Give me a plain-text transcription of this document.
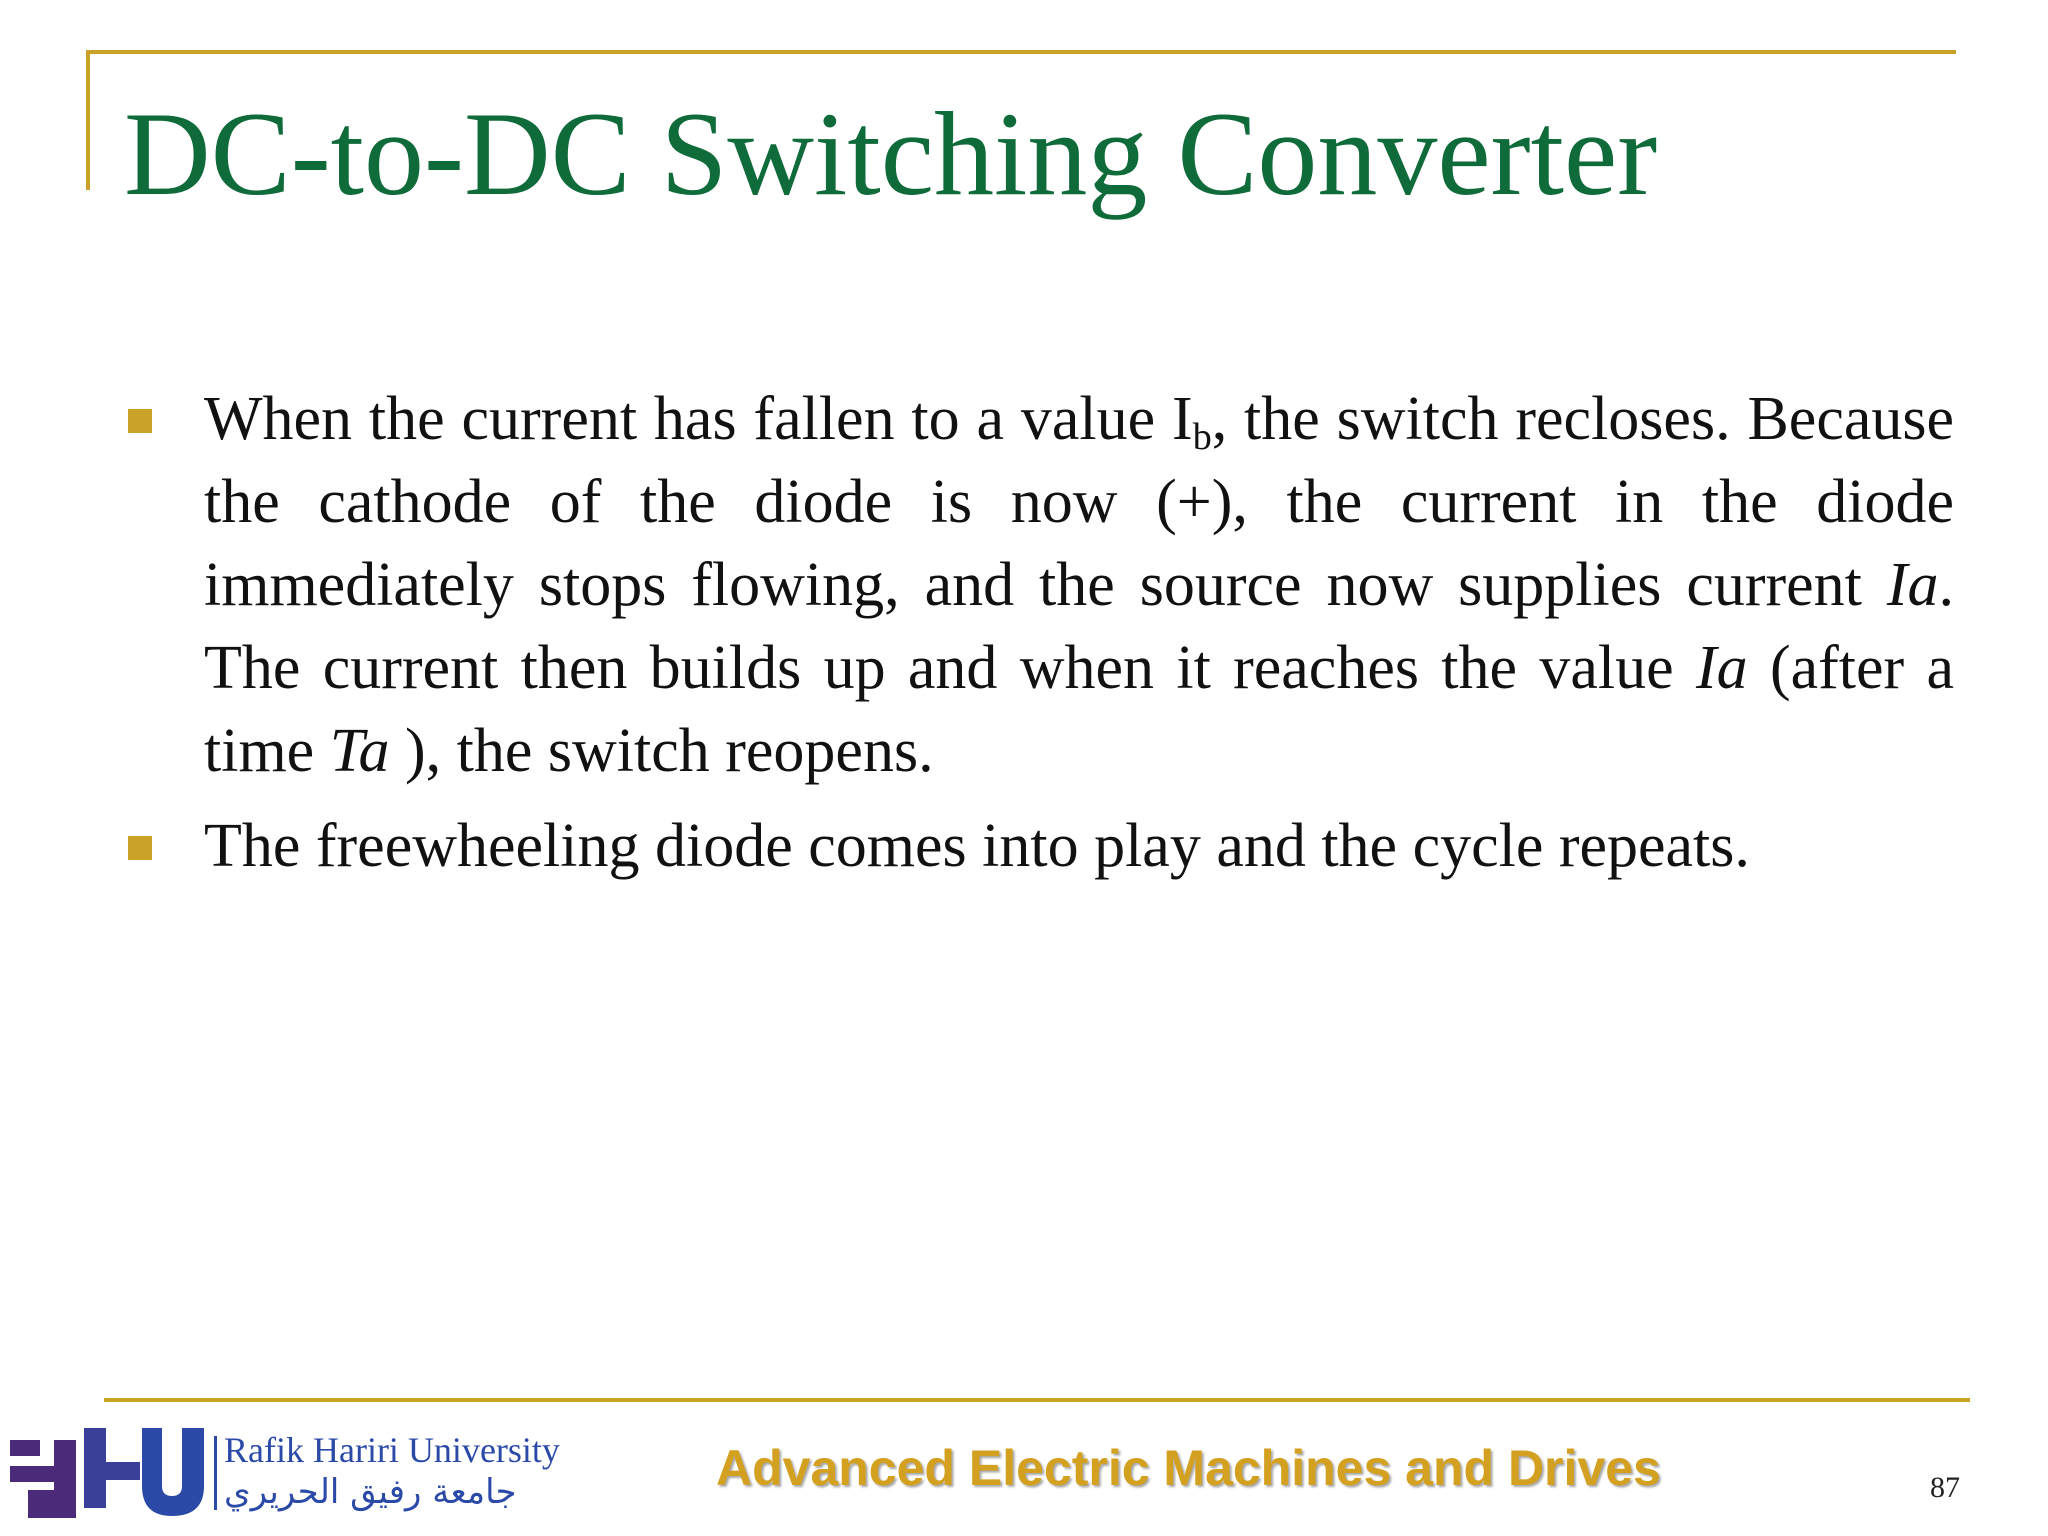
DC-to-DC Switching Converter

When the current has fallen to a value $I_b$, the switch recloses. Because the cathode of the diode is now (+), the current in the diode immediately stops flowing, and the source now supplies current Ia. The current then builds up and when it reaches the value Ia (after a time Ta ), the switch reopens.

The freewheeling diode comes into play and the cycle repeats.

Rafik Hariri University
جامعة رفيق الحريري	Advanced Electric Machines and Drives	87
